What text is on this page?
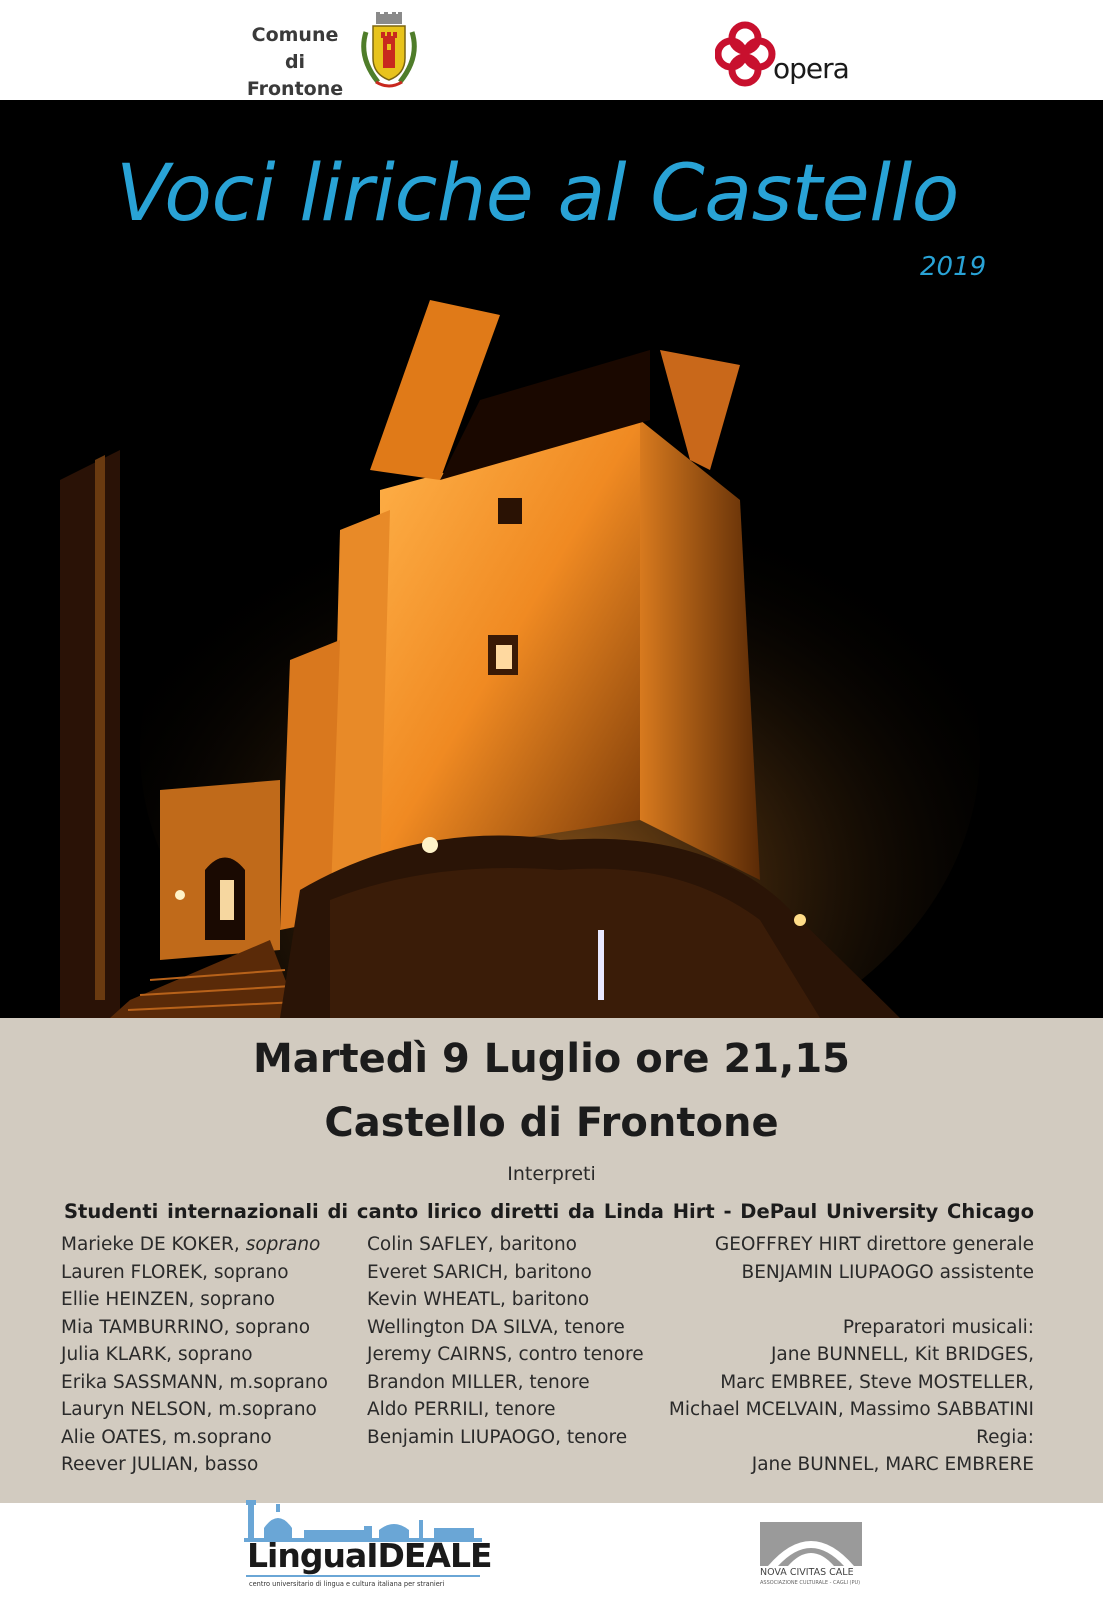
Comune
di Frontone
opera
Voci liriche al Castello
2019
Martedì 9 Luglio ore 21,15
Castello di Frontone
Interpreti
Studenti internazionali di canto lirico diretti da Linda Hirt - DePaul University Chicago
Marieke DE KOKER, soprano
Lauren FLOREK, soprano
Ellie HEINZEN, soprano
Mia TAMBURRINO, soprano
Julia KLARK, soprano
Erika SASSMANN, m.soprano
Lauryn NELSON, m.soprano
Alie OATES, m.soprano
Reever JULIAN, basso
Colin SAFLEY, baritono
Everet SARICH, baritono
Kevin WHEATL, baritono
Wellington DA SILVA, tenore
Jeremy CAIRNS, contro tenore
Brandon MILLER, tenore
Aldo PERRILI, tenore
Benjamin LIUPAOGO, tenore
GEOFFREY HIRT direttore generale
BENJAMIN LIUPAOGO assistente
Preparatori musicali:
Jane BUNNELL, Kit BRIDGES,
Marc EMBREE, Steve MOSTELLER,
Michael MCELVAIN, Massimo SABBATINI
Regia:
Jane BUNNEL, MARC EMBRERE
LinguaIDEALE
centro universitario di lingua e cultura italiana per stranieri
NOVA CIVITAS CALE
ASSOCIAZIONE CULTURALE - CAGLI (PU)
